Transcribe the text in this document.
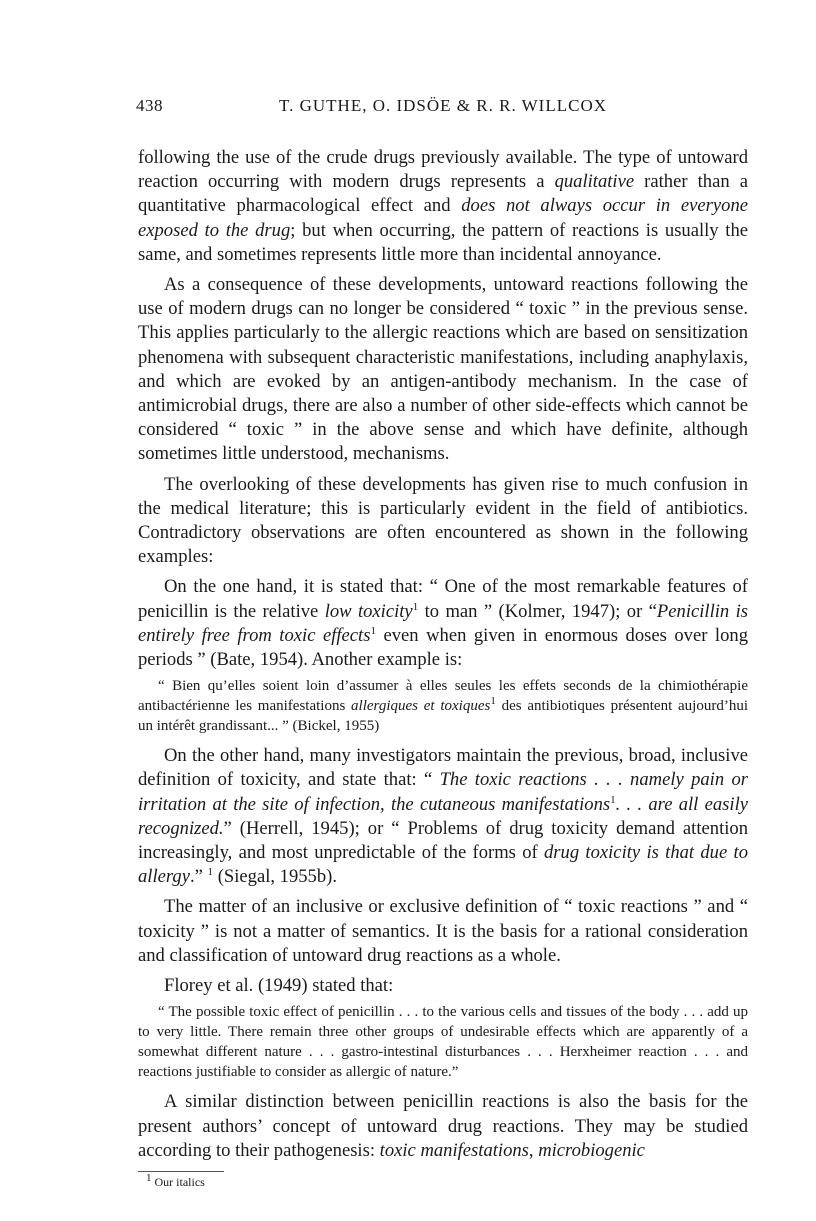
438	T. GUTHE, O. IDSÖE & R. R. WILLCOX

following the use of the crude drugs previously available. The type of untoward reaction occurring with modern drugs represents a qualitative rather than a quantitative pharmacological effect and does not always occur in everyone exposed to the drug; but when occurring, the pattern of reactions is usually the same, and sometimes represents little more than incidental annoyance.

As a consequence of these developments, untoward reactions following the use of modern drugs can no longer be considered “ toxic ” in the previous sense. This applies particularly to the allergic reactions which are based on sensitization phenomena with subsequent characteristic manifestations, including anaphylaxis, and which are evoked by an antigen-antibody mechanism. In the case of antimicrobial drugs, there are also a number of other side-effects which cannot be considered “ toxic ” in the above sense and which have definite, although sometimes little understood, mechanisms.

The overlooking of these developments has given rise to much confusion in the medical literature; this is particularly evident in the field of antibiotics. Contradictory observations are often encountered as shown in the following examples:

On the one hand, it is stated that: “ One of the most remarkable features of penicillin is the relative low toxicity$^1$ to man ” (Kolmer, 1947); or “Penicillin is entirely free from toxic effects$^1$ even when given in enormous doses over long periods ” (Bate, 1954). Another example is:

“ Bien qu’elles soient loin d’assumer à elles seules les effets seconds de la chimiothérapie antibactérienne les manifestations allergiques et toxiques$^1$ des antibiotiques présentent aujourd’hui un intérêt grandissant... ” (Bickel, 1955)

On the other hand, many investigators maintain the previous, broad, inclusive definition of toxicity, and state that: “ The toxic reactions . . . namely pain or irritation at the site of infection, the cutaneous manifestations$^1$. . . are all easily recognized.” (Herrell, 1945); or “ Problems of drug toxicity demand attention increasingly, and most unpredictable of the forms of drug toxicity is that due to allergy.” $^1$ (Siegal, 1955b).

The matter of an inclusive or exclusive definition of “ toxic reactions ” and “ toxicity ” is not a matter of semantics. It is the basis for a rational consideration and classification of untoward drug reactions as a whole.

Florey et al. (1949) stated that:

“ The possible toxic effect of penicillin . . . to the various cells and tissues of the body . . . add up to very little. There remain three other groups of undesirable effects which are apparently of a somewhat different nature . . . gastro-intestinal disturbances . . . Herxheimer reaction . . . and reactions justifiable to consider as allergic of nature.”

A similar distinction between penicillin reactions is also the basis for the present authors’ concept of untoward drug reactions. They may be studied according to their pathogenesis: toxic manifestations, microbiogenic

$^1$ Our italics
